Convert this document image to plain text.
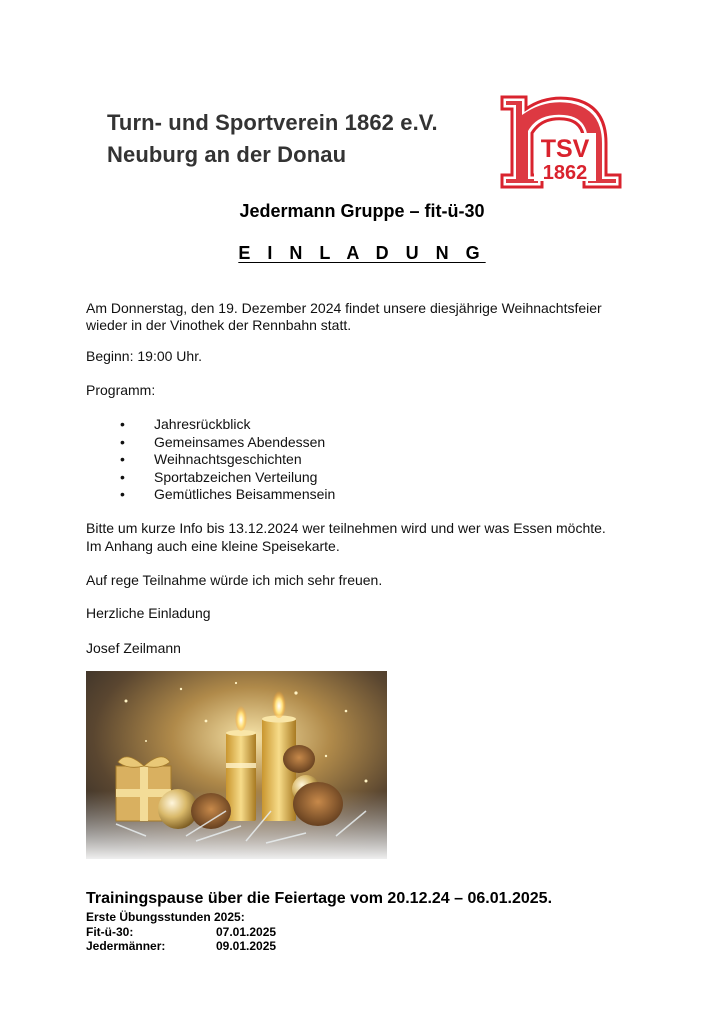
Turn- und Sportverein 1862 e.V.
Neuburg an der Donau	TSV
1862
Jedermann Gruppe – fit-ü-30
E I N L A D U N G
Am Donnerstag, den 19. Dezember 2024 findet unsere diesjährige Weihnachtsfeier wieder in der Vinothek der Rennbahn statt.
Beginn: 19:00 Uhr.
Programm:
• Jahresrückblick
• Gemeinsames Abendessen
• Weihnachtsgeschichten
• Sportabzeichen Verteilung
• Gemütliches Beisammensein
Bitte um kurze Info bis 13.12.2024 wer teilnehmen wird und wer was Essen möchte.
Im Anhang auch eine kleine Speisekarte.
Auf rege Teilnahme würde ich mich sehr freuen.
Herzliche Einladung
Josef Zeilmann
Trainingspause über die Feiertage vom 20.12.24 – 06.01.2025.
Erste Übungsstunden 2025:
Fit-ü-30:	07.01.2025
Jedermänner:	09.01.2025
